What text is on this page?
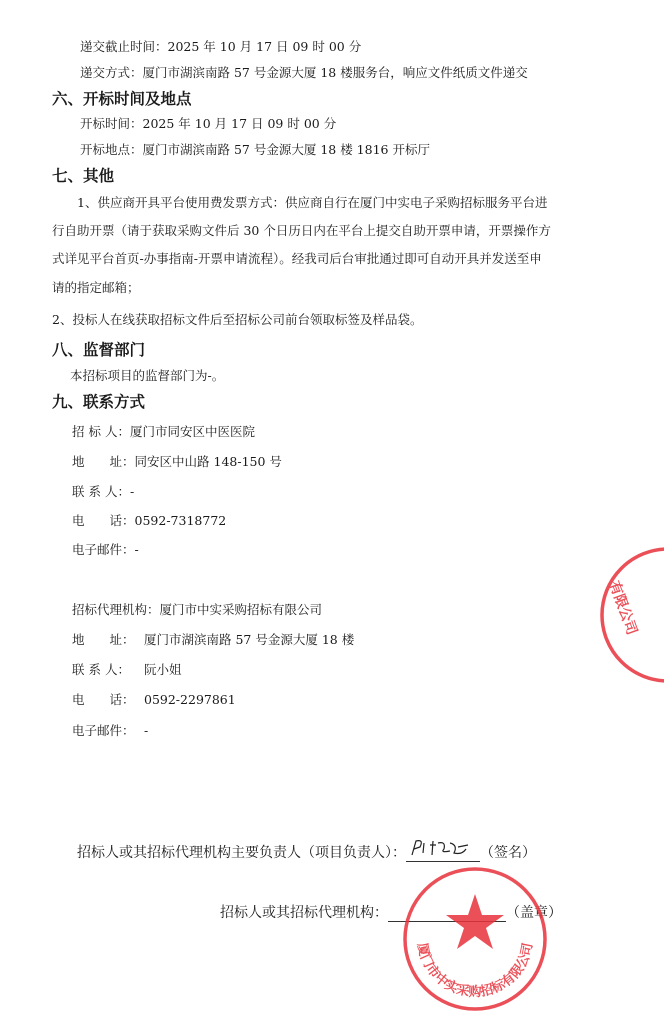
递交截止时间：2025 年 10 月 17 日 09 时 00 分
递交方式：厦门市湖滨南路 57 号金源大厦 18 楼服务台，响应文件纸质文件递交
六、开标时间及地点
开标时间：2025 年 10 月 17 日 09 时 00 分
开标地点：厦门市湖滨南路 57 号金源大厦 18 楼 1816 开标厅
七、其他
1、供应商开具平台使用费发票方式：供应商自行在厦门中实电子采购招标服务平台进
行自助开票（请于获取采购文件后 30 个日历日内在平台上提交自助开票申请，开票操作方
式详见平台首页-办事指南-开票申请流程）。经我司后台审批通过即可自动开具并发送至申
请的指定邮箱；
2、投标人在线获取招标文件后至招标公司前台领取标签及样品袋。
八、监督部门
本招标项目的监督部门为-。
九、联系方式
招 标 人：厦门市同安区中医医院
地　　址：同安区中山路 148-150 号
联 系 人：-
电　　话：0592-7318772
电子邮件：-
招标代理机构：厦门市中实采购招标有限公司
地　　址： 厦门市湖滨南路 57 号金源大厦 18 楼
联 系 人： 阮小姐
电　　话： 0592-2297861
电子邮件： -
招标人或其招标代理机构主要负责人（项目负责人）：	（签名）
招标人或其招标代理机构：	（盖章）
厦门市中实采购招标有限公司
有限公司
